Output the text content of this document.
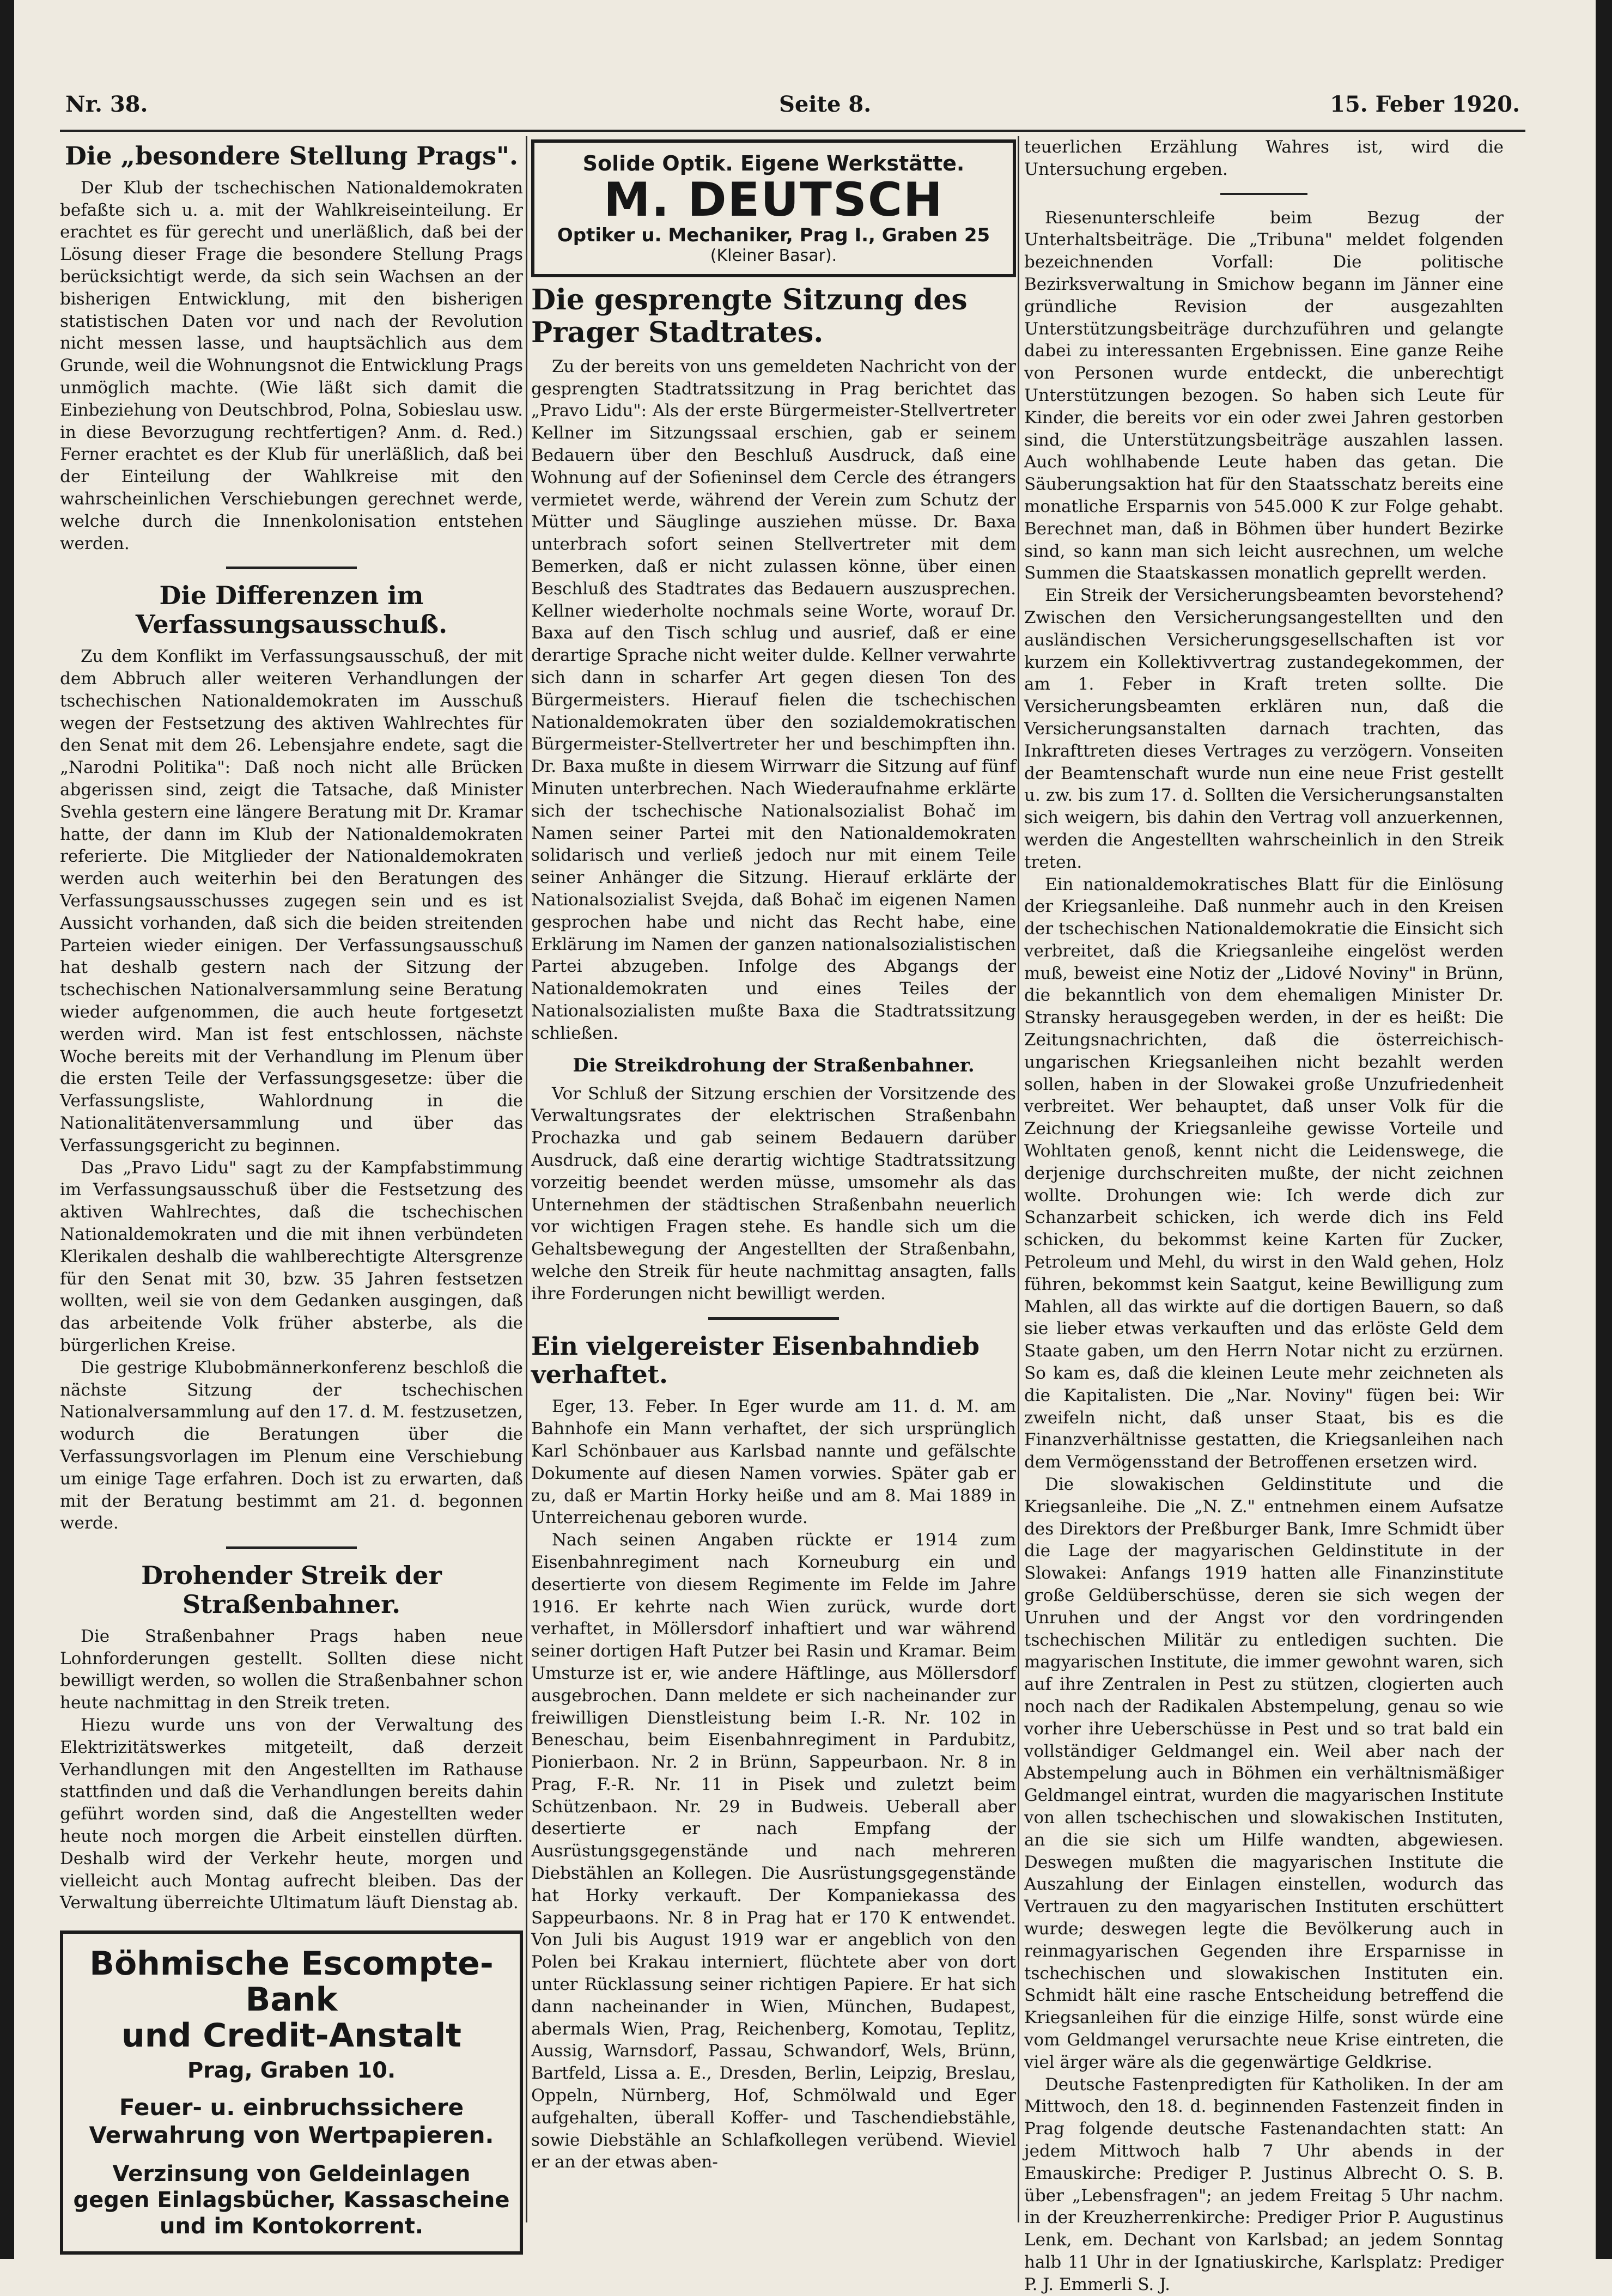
Nr. 38.	Seite 8.	15. Feber 1920.
Die „besondere Stellung Prags".

Der Klub der tschechischen Nationaldemokraten befaßte sich u. a. mit der Wahlkreiseinteilung. Er erachtet es für gerecht und unerläßlich, daß bei der Lösung dieser Frage die besondere Stellung Prags berücksichtigt werde, da sich sein Wachsen an der bisherigen Entwicklung, mit den bisherigen statistischen Daten vor und nach der Revolution nicht messen lasse, und hauptsächlich aus dem Grunde, weil die Wohnungsnot die Entwicklung Prags unmöglich machte. (Wie läßt sich damit die Einbeziehung von Deutschbrod, Polna, Sobieslau usw. in diese Bevorzugung rechtfertigen? Anm. d. Red.) Ferner erachtet es der Klub für unerläßlich, daß bei der Einteilung der Wahlkreise mit den wahrscheinlichen Verschiebungen gerechnet werde, welche durch die Innenkolonisation entstehen werden.

Die Differenzen im Verfassungsausschuß.

Zu dem Konflikt im Verfassungsausschuß, der mit dem Abbruch aller weiteren Verhandlungen der tschechischen Nationaldemokraten im Ausschuß wegen der Festsetzung des aktiven Wahlrechtes für den Senat mit dem 26. Lebensjahre endete, sagt die „Narodni Politika": Daß noch nicht alle Brücken abgerissen sind, zeigt die Tatsache, daß Minister Svehla gestern eine längere Beratung mit Dr. Kramar hatte, der dann im Klub der Nationaldemokraten referierte. Die Mitglieder der Nationaldemokraten werden auch weiterhin bei den Beratungen des Verfassungsausschusses zugegen sein und es ist Aussicht vorhanden, daß sich die beiden streitenden Parteien wieder einigen. Der Verfassungsausschuß hat deshalb gestern nach der Sitzung der tschechischen Nationalversammlung seine Beratung wieder aufgenommen, die auch heute fortgesetzt werden wird. Man ist fest entschlossen, nächste Woche bereits mit der Verhandlung im Plenum über die ersten Teile der Verfassungsgesetze: über die Verfassungsliste, Wahlordnung in die Nationalitätenversammlung und über das Verfassungsgericht zu beginnen.

Das „Pravo Lidu" sagt zu der Kampfabstimmung im Verfassungsausschuß über die Festsetzung des aktiven Wahlrechtes, daß die tschechischen Nationaldemokraten und die mit ihnen verbündeten Klerikalen deshalb die wahlberechtigte Altersgrenze für den Senat mit 30, bzw. 35 Jahren festsetzen wollten, weil sie von dem Gedanken ausgingen, daß das arbeitende Volk früher absterbe, als die bürgerlichen Kreise.

Die gestrige Klubobmännerkonferenz beschloß die nächste Sitzung der tschechischen Nationalversammlung auf den 17. d. M. festzusetzen, wodurch die Beratungen über die Verfassungsvorlagen im Plenum eine Verschiebung um einige Tage erfahren. Doch ist zu erwarten, daß mit der Beratung bestimmt am 21. d. begonnen werde.

Drohender Streik der Straßenbahner.

Die Straßenbahner Prags haben neue Lohnforderungen gestellt. Sollten diese nicht bewilligt werden, so wollen die Straßenbahner schon heute nachmittag in den Streik treten.

Hiezu wurde uns von der Verwaltung des Elektrizitätswerkes mitgeteilt, daß derzeit Verhandlungen mit den Angestellten im Rathause stattfinden und daß die Verhandlungen bereits dahin geführt worden sind, daß die Angestellten weder heute noch morgen die Arbeit einstellen dürften. Deshalb wird der Verkehr heute, morgen und vielleicht auch Montag aufrecht bleiben. Das der Verwaltung überreichte Ultimatum läuft Dienstag ab.

Böhmische Escompte-Bank
und Credit-Anstalt
Prag, Graben 10.
Feuer- u. einbruchssichere Verwahrung von Wertpapieren.
Verzinsung von Geldeinlagen gegen Einlagsbücher, Kassascheine und im Kontokorrent.
Solide Optik. Eigene Werkstätte.
M. DEUTSCH
Optiker u. Mechaniker, Prag I., Graben 25
(Kleiner Basar).
Die gesprengte Sitzung des Prager Stadtrates.

Zu der bereits von uns gemeldeten Nachricht von der gesprengten Stadtratssitzung in Prag berichtet das „Pravo Lidu": Als der erste Bürgermeister-Stellvertreter Kellner im Sitzungssaal erschien, gab er seinem Bedauern über den Beschluß Ausdruck, daß eine Wohnung auf der Sofieninsel dem Cercle des étrangers vermietet werde, während der Verein zum Schutz der Mütter und Säuglinge ausziehen müsse. Dr. Baxa unterbrach sofort seinen Stellvertreter mit dem Bemerken, daß er nicht zulassen könne, über einen Beschluß des Stadtrates das Bedauern auszusprechen. Kellner wiederholte nochmals seine Worte, worauf Dr. Baxa auf den Tisch schlug und ausrief, daß er eine derartige Sprache nicht weiter dulde. Kellner verwahrte sich dann in scharfer Art gegen diesen Ton des Bürgermeisters. Hierauf fielen die tschechischen Nationaldemokraten über den sozialdemokratischen Bürgermeister-Stellvertreter her und beschimpften ihn. Dr. Baxa mußte in diesem Wirrwarr die Sitzung auf fünf Minuten unterbrechen. Nach Wiederaufnahme erklärte sich der tschechische Nationalsozialist Bohač im Namen seiner Partei mit den Nationaldemokraten solidarisch und verließ jedoch nur mit einem Teile seiner Anhänger die Sitzung. Hierauf erklärte der Nationalsozialist Svejda, daß Bohač im eigenen Namen gesprochen habe und nicht das Recht habe, eine Erklärung im Namen der ganzen nationalsozialistischen Partei abzugeben. Infolge des Abgangs der Nationaldemokraten und eines Teiles der Nationalsozialisten mußte Baxa die Stadtratssitzung schließen.

Die Streikdrohung der Straßenbahner.

Vor Schluß der Sitzung erschien der Vorsitzende des Verwaltungsrates der elektrischen Straßenbahn Prochazka und gab seinem Bedauern darüber Ausdruck, daß eine derartig wichtige Stadtratssitzung vorzeitig beendet werden müsse, umsomehr als das Unternehmen der städtischen Straßenbahn neuerlich vor wichtigen Fragen stehe. Es handle sich um die Gehaltsbewegung der Angestellten der Straßenbahn, welche den Streik für heute nachmittag ansagten, falls ihre Forderungen nicht bewilligt werden.

Ein vielgereister Eisenbahndieb verhaftet.

Eger, 13. Feber. In Eger wurde am 11. d. M. am Bahnhofe ein Mann verhaftet, der sich ursprünglich Karl Schönbauer aus Karlsbad nannte und gefälschte Dokumente auf diesen Namen vorwies. Später gab er zu, daß er Martin Horky heiße und am 8. Mai 1889 in Unterreichenau geboren wurde.

Nach seinen Angaben rückte er 1914 zum Eisenbahnregiment nach Korneuburg ein und desertierte von diesem Regimente im Felde im Jahre 1916. Er kehrte nach Wien zurück, wurde dort verhaftet, in Möllersdorf inhaftiert und war während seiner dortigen Haft Putzer bei Rasin und Kramar. Beim Umsturze ist er, wie andere Häftlinge, aus Möllersdorf ausgebrochen. Dann meldete er sich nacheinander zur freiwilligen Dienstleistung beim I.-R. Nr. 102 in Beneschau, beim Eisenbahnregiment in Pardubitz, Pionierbaon. Nr. 2 in Brünn, Sappeurbaon. Nr. 8 in Prag, F.-R. Nr. 11 in Pisek und zuletzt beim Schützenbaon. Nr. 29 in Budweis. Ueberall aber desertierte er nach Empfang der Ausrüstungsgegenstände und nach mehreren Diebstählen an Kollegen. Die Ausrüstungsgegenstände hat Horky verkauft. Der Kompaniekassa des Sappeurbaons. Nr. 8 in Prag hat er 170 K entwendet. Von Juli bis August 1919 war er angeblich von den Polen bei Krakau interniert, flüchtete aber von dort unter Rücklassung seiner richtigen Papiere. Er hat sich dann nacheinander in Wien, München, Budapest, abermals Wien, Prag, Reichenberg, Komotau, Teplitz, Aussig, Warnsdorf, Passau, Schwandorf, Wels, Brünn, Bartfeld, Lissa a. E., Dresden, Berlin, Leipzig, Breslau, Oppeln, Nürnberg, Hof, Schmölwald und Eger aufgehalten, überall Koffer- und Taschendiebstähle, sowie Diebstähle an Schlafkollegen verübend. Wieviel er an der etwas aben-

teuerlichen Erzählung Wahres ist, wird die Untersuchung ergeben.

Riesenunterschleife beim Bezug der Unterhaltsbeiträge. Die „Tribuna" meldet folgenden bezeichnenden Vorfall: Die politische Bezirksverwaltung in Smichow begann im Jänner eine gründliche Revision der ausgezahlten Unterstützungsbeiträge durchzuführen und gelangte dabei zu interessanten Ergebnissen. Eine ganze Reihe von Personen wurde entdeckt, die unberechtigt Unterstützungen bezogen. So haben sich Leute für Kinder, die bereits vor ein oder zwei Jahren gestorben sind, die Unterstützungsbeiträge auszahlen lassen. Auch wohlhabende Leute haben das getan. Die Säuberungsaktion hat für den Staatsschatz bereits eine monatliche Ersparnis von 545.000 K zur Folge gehabt. Berechnet man, daß in Böhmen über hundert Bezirke sind, so kann man sich leicht ausrechnen, um welche Summen die Staatskassen monatlich geprellt werden.

Ein Streik der Versicherungsbeamten bevorstehend? Zwischen den Versicherungsangestellten und den ausländischen Versicherungsgesellschaften ist vor kurzem ein Kollektivvertrag zustandegekommen, der am 1. Feber in Kraft treten sollte. Die Versicherungsbeamten erklären nun, daß die Versicherungsanstalten darnach trachten, das Inkrafttreten dieses Vertrages zu verzögern. Vonseiten der Beamtenschaft wurde nun eine neue Frist gestellt u. zw. bis zum 17. d. Sollten die Versicherungsanstalten sich weigern, bis dahin den Vertrag voll anzuerkennen, werden die Angestellten wahrscheinlich in den Streik treten.

Ein nationaldemokratisches Blatt für die Einlösung der Kriegsanleihe. Daß nunmehr auch in den Kreisen der tschechischen Nationaldemokratie die Einsicht sich verbreitet, daß die Kriegsanleihe eingelöst werden muß, beweist eine Notiz der „Lidové Noviny" in Brünn, die bekanntlich von dem ehemaligen Minister Dr. Stransky herausgegeben werden, in der es heißt: Die Zeitungsnachrichten, daß die österreichisch-ungarischen Kriegsanleihen nicht bezahlt werden sollen, haben in der Slowakei große Unzufriedenheit verbreitet. Wer behauptet, daß unser Volk für die Zeichnung der Kriegsanleihe gewisse Vorteile und Wohltaten genoß, kennt nicht die Leidenswege, die derjenige durchschreiten mußte, der nicht zeichnen wollte. Drohungen wie: Ich werde dich zur Schanzarbeit schicken, ich werde dich ins Feld schicken, du bekommst keine Karten für Zucker, Petroleum und Mehl, du wirst in den Wald gehen, Holz führen, bekommst kein Saatgut, keine Bewilligung zum Mahlen, all das wirkte auf die dortigen Bauern, so daß sie lieber etwas verkauften und das erlöste Geld dem Staate gaben, um den Herrn Notar nicht zu erzürnen. So kam es, daß die kleinen Leute mehr zeichneten als die Kapitalisten. Die „Nar. Noviny" fügen bei: Wir zweifeln nicht, daß unser Staat, bis es die Finanzverhältnisse gestatten, die Kriegsanleihen nach dem Vermögensstand der Betroffenen ersetzen wird.

Die slowakischen Geldinstitute und die Kriegsanleihe. Die „N. Z." entnehmen einem Aufsatze des Direktors der Preßburger Bank, Imre Schmidt über die Lage der magyarischen Geldinstitute in der Slowakei: Anfangs 1919 hatten alle Finanzinstitute große Geldüberschüsse, deren sie sich wegen der Unruhen und der Angst vor den vordringenden tschechischen Militär zu entledigen suchten. Die magyarischen Institute, die immer gewohnt waren, sich auf ihre Zentralen in Pest zu stützen, clogierten auch noch nach der Radikalen Abstempelung, genau so wie vorher ihre Ueberschüsse in Pest und so trat bald ein vollständiger Geldmangel ein. Weil aber nach der Abstempelung auch in Böhmen ein verhältnismäßiger Geldmangel eintrat, wurden die magyarischen Institute von allen tschechischen und slowakischen Instituten, an die sie sich um Hilfe wandten, abgewiesen. Deswegen mußten die magyarischen Institute die Auszahlung der Einlagen einstellen, wodurch das Vertrauen zu den magyarischen Instituten erschüttert wurde; deswegen legte die Bevölkerung auch in reinmagyarischen Gegenden ihre Ersparnisse in tschechischen und slowakischen Instituten ein. Schmidt hält eine rasche Entscheidung betreffend die Kriegsanleihen für die einzige Hilfe, sonst würde eine vom Geldmangel verursachte neue Krise eintreten, die viel ärger wäre als die gegenwärtige Geldkrise.

Deutsche Fastenpredigten für Katholiken. In der am Mittwoch, den 18. d. beginnenden Fastenzeit finden in Prag folgende deutsche Fastenandachten statt: An jedem Mittwoch halb 7 Uhr abends in der Emauskirche: Prediger P. Justinus Albrecht O. S. B. über „Lebensfragen"; an jedem Freitag 5 Uhr nachm. in der Kreuzherrenkirche: Prediger Prior P. Augustinus Lenk, em. Dechant von Karlsbad; an jedem Sonntag halb 11 Uhr in der Ignatiuskirche, Karlsplatz: Prediger P. J. Emmerli S. J.
